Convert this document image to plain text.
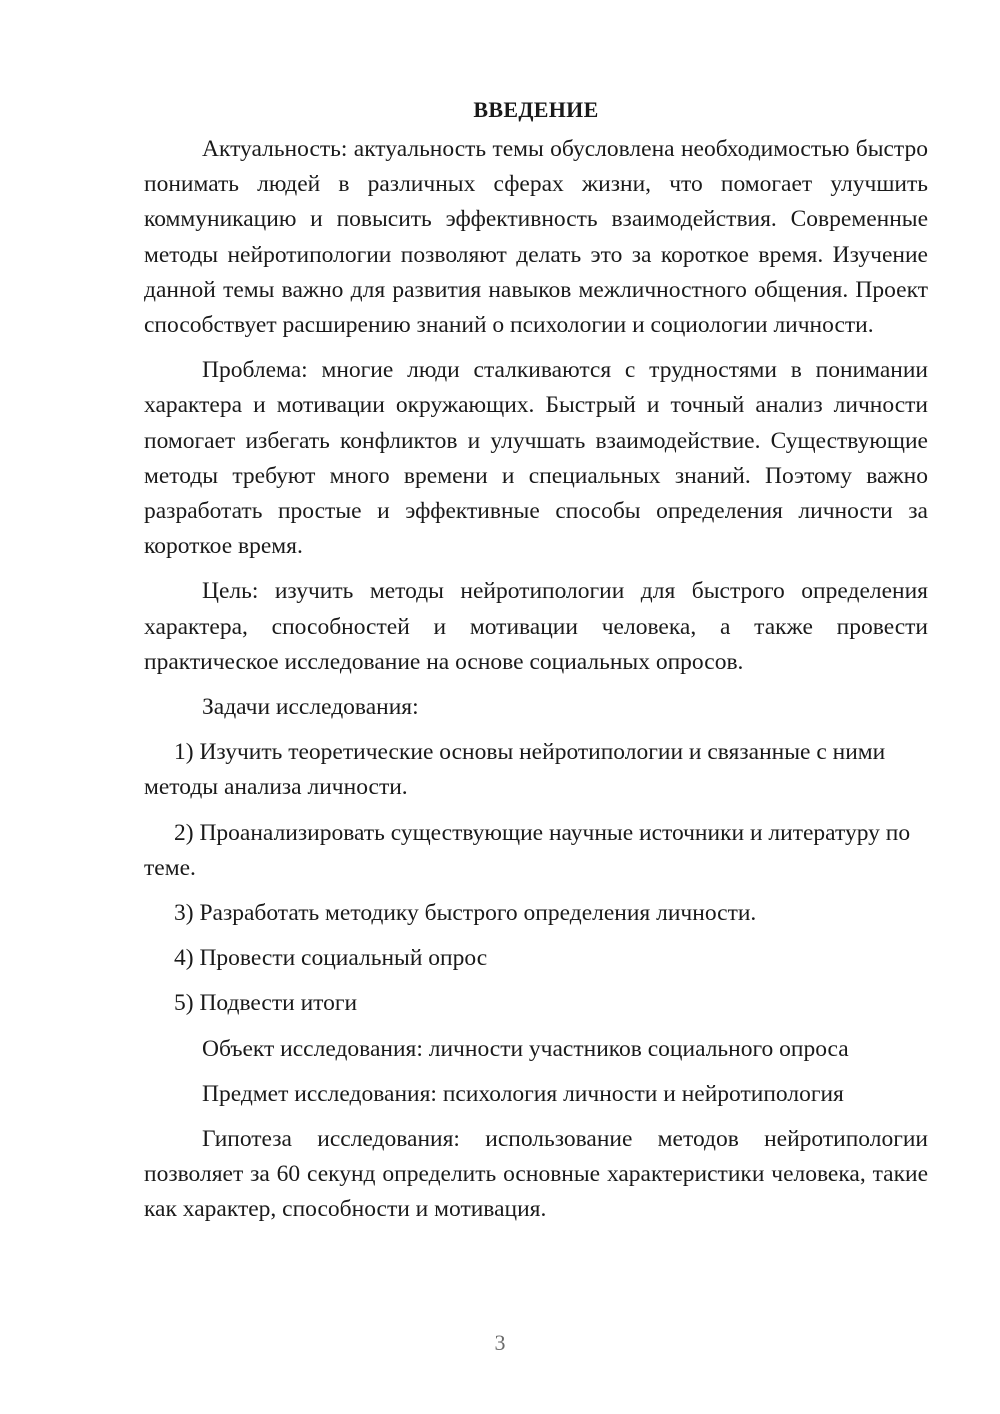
ВВЕДЕНИЕ

Актуальность: актуальность темы обусловлена необходимостью быстро понимать людей в различных сферах жизни, что помогает улучшить коммуникацию и повысить эффективность взаимодействия. Современные методы нейротипологии позволяют делать это за короткое время. Изучение данной темы важно для развития навыков межличностного общения. Проект способствует расширению знаний о психологии и социологии личности.

Проблема: многие люди сталкиваются с трудностями в понимании характера и мотивации окружающих. Быстрый и точный анализ личности помогает избегать конфликтов и улучшать взаимодействие. Существующие методы требуют много времени и специальных знаний. Поэтому важно разработать простые и эффективные способы определения личности за короткое время.

Цель: изучить методы нейротипологии для быстрого определения характера, способностей и мотивации человека, а также провести практическое исследование на основе социальных опросов.

Задачи исследования:

1) Изучить теоретические основы нейротипологии и связанные с ними методы анализа личности.

2) Проанализировать существующие научные источники и литературу по теме.

3) Разработать методику быстрого определения личности.

4) Провести социальный опрос

5) Подвести итоги

Объект исследования: личности участников социального опроса

Предмет исследования: психология личности и нейротипология

Гипотеза исследования: использование методов нейротипологии позволяет за 60 секунд определить основные характеристики человека, такие как характер, способности и мотивация.

3
